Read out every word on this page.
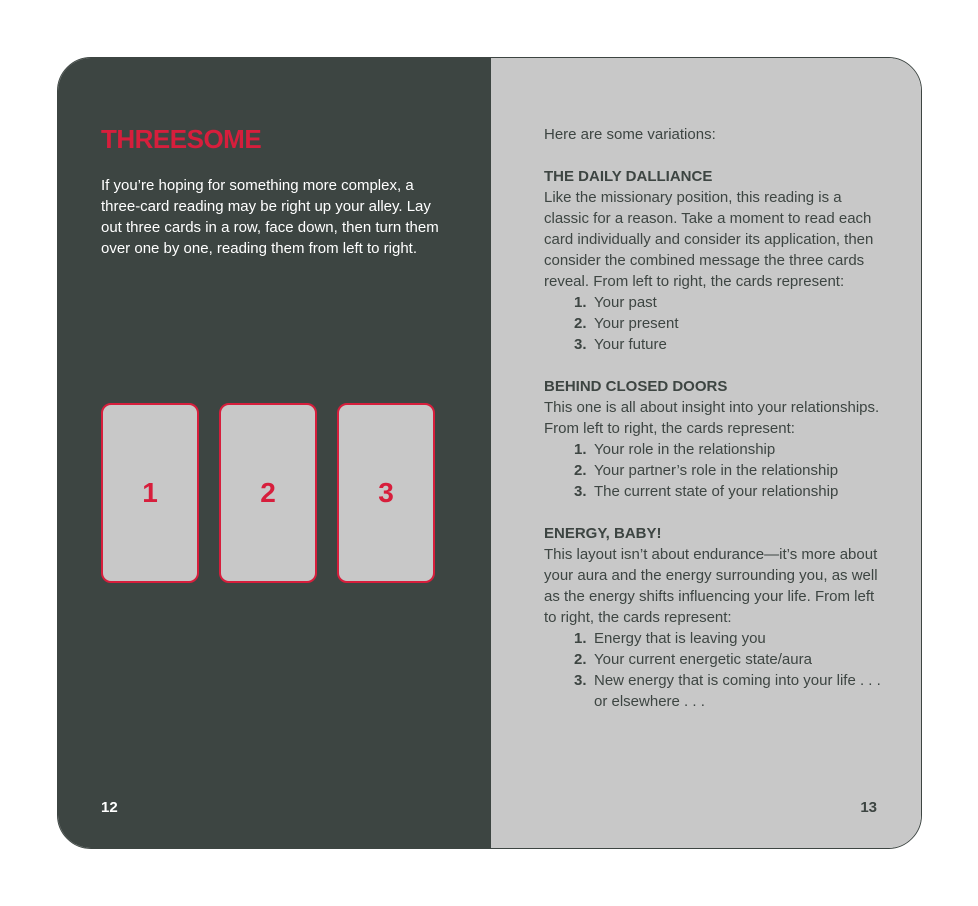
THREESOME

If you’re hoping for something more complex, a three-card reading may be right up your alley. Lay out three cards in a row, face down, then turn them over one by one, reading them from left to right.

1	2	3
12

Here are some variations:

THE DAILY DALLIANCE

Like the missionary position, this reading is a classic for a reason. Take a moment to read each card individually and consider its application, then consider the combined message the three cards reveal. From left to right, the cards represent:

1. Your past
2. Your present
3. Your future

BEHIND CLOSED DOORS

This one is all about insight into your relationships. From left to right, the cards represent:

1. Your role in the relationship
2. Your partner’s role in the relationship
3. The current state of your relationship

ENERGY, BABY!

This layout isn’t about endurance—it’s more about your aura and the energy surrounding you, as well as the energy shifts influencing your life. From left to right, the cards represent:

1. Energy that is leaving you
2. Your current energetic state/aura
3. New energy that is coming into your life . . . or elsewhere . . .
13
